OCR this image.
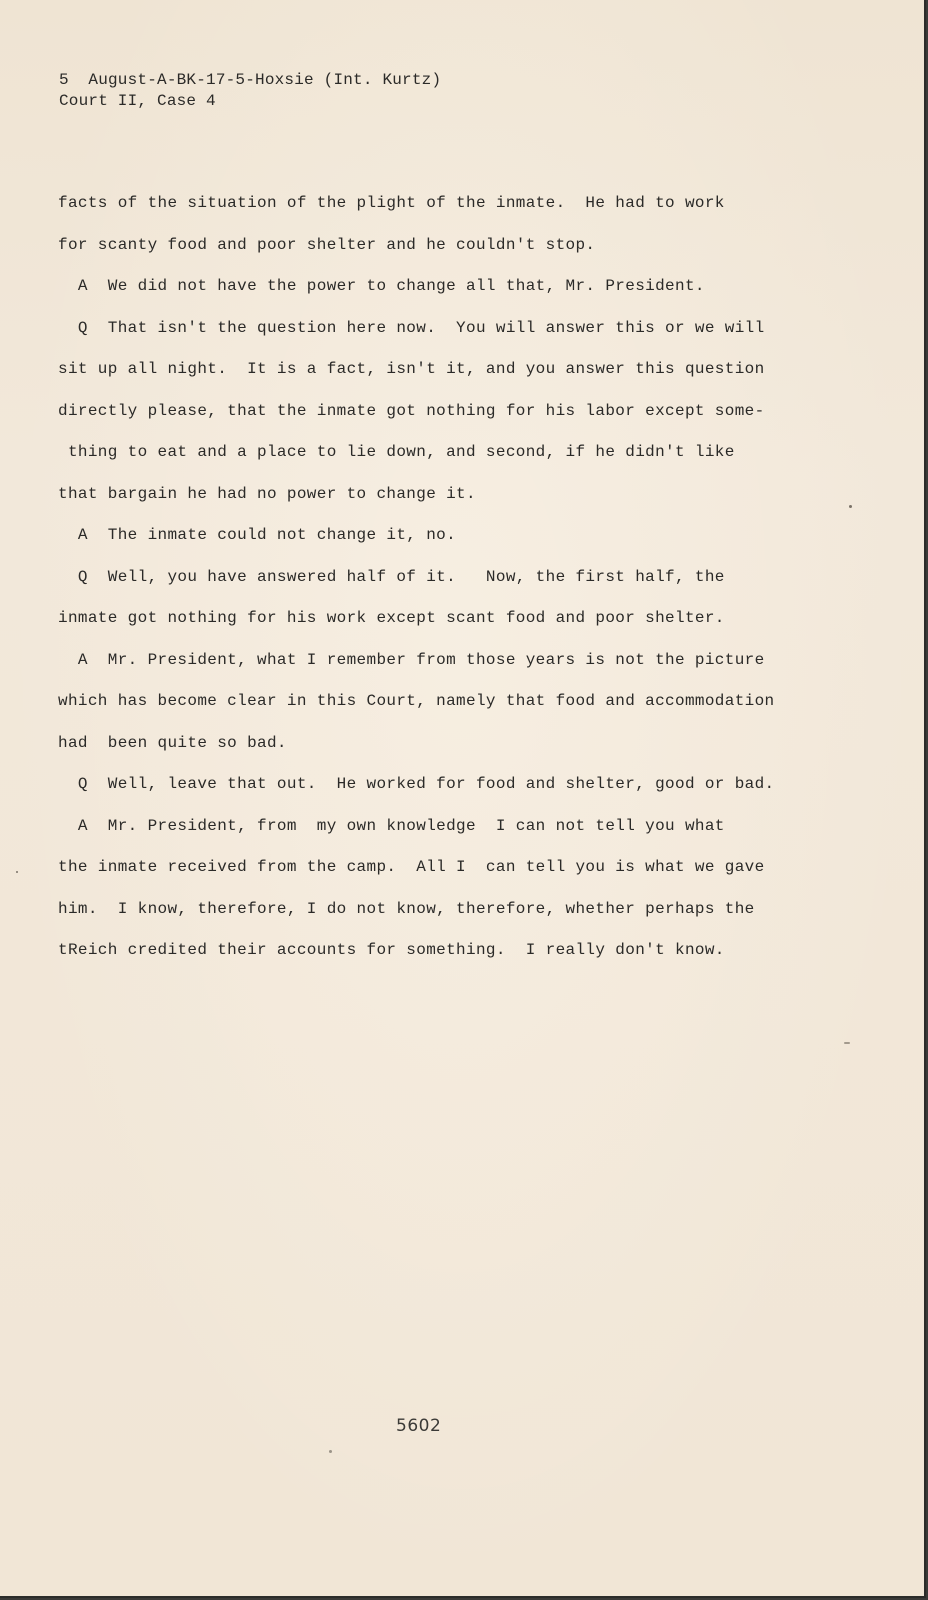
5  August-A-BK-17-5-Hoxsie (Int. Kurtz)
Court II, Case 4
facts of the situation of the plight of the inmate.  He had to work
for scanty food and poor shelter and he couldn't stop.
A  We did not have the power to change all that, Mr. President.
Q  That isn't the question here now.  You will answer this or we will
sit up all night.  It is a fact, isn't it, and you answer this question
directly please, that the inmate got nothing for his labor except some-
thing to eat and a place to lie down, and second, if he didn't like
that bargain he had no power to change it.
A  The inmate could not change it, no.
Q  Well, you have answered half of it.   Now, the first half, the
inmate got nothing for his work except scant food and poor shelter.
A  Mr. President, what I remember from those years is not the picture
which has become clear in this Court, namely that food and accommodation
had  been quite so bad.
Q  Well, leave that out.  He worked for food and shelter, good or bad.
A  Mr. President, from  my own knowledge  I can not tell you what
the inmate received from the camp.  All I  can tell you is what we gave
him.  I know, therefore, I do not know, therefore, whether perhaps the
tReich credited their accounts for something.  I really don't know.
5602
